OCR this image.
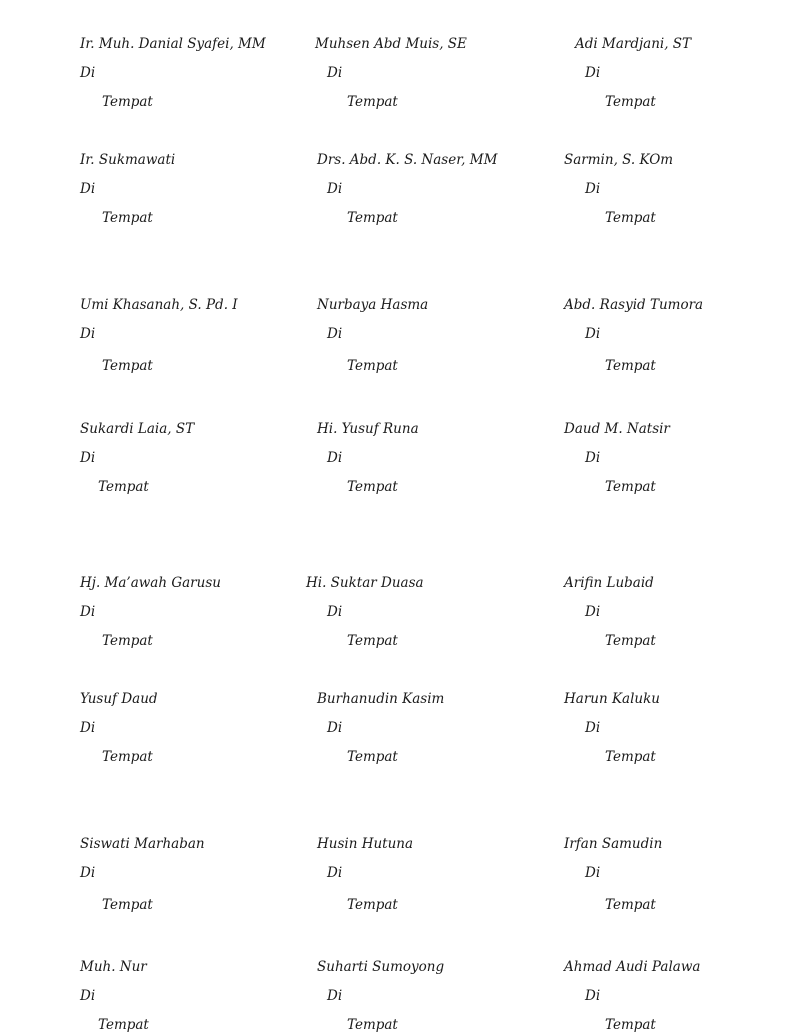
Ir. Muh. Danial Syafei, MM
Di
Tempat
Muhsen Abd Muis, SE
Di
Tempat
Adi Mardjani, ST
Di
Tempat
Ir. Sukmawati
Di
Tempat
Drs. Abd. K. S. Naser, MM
Di
Tempat
Sarmin, S. KOm
Di
Tempat
Umi Khasanah, S. Pd. I
Di
Tempat
Nurbaya Hasma
Di
Tempat
Abd. Rasyid Tumora
Di
Tempat
Sukardi Laia, ST
Di
Tempat
Hi. Yusuf Runa
Di
Tempat
Daud M. Natsir
Di
Tempat
Hj. Ma’awah Garusu
Di
Tempat
Hi. Suktar Duasa
Di
Tempat
Arifin Lubaid
Di
Tempat
Yusuf Daud
Di
Tempat
Burhanudin Kasim
Di
Tempat
Harun Kaluku
Di
Tempat
Siswati Marhaban
Di
Tempat
Husin Hutuna
Di
Tempat
Irfan Samudin
Di
Tempat
Muh. Nur
Di
Tempat
Suharti Sumoyong
Di
Tempat
Ahmad Audi Palawa
Di
Tempat
